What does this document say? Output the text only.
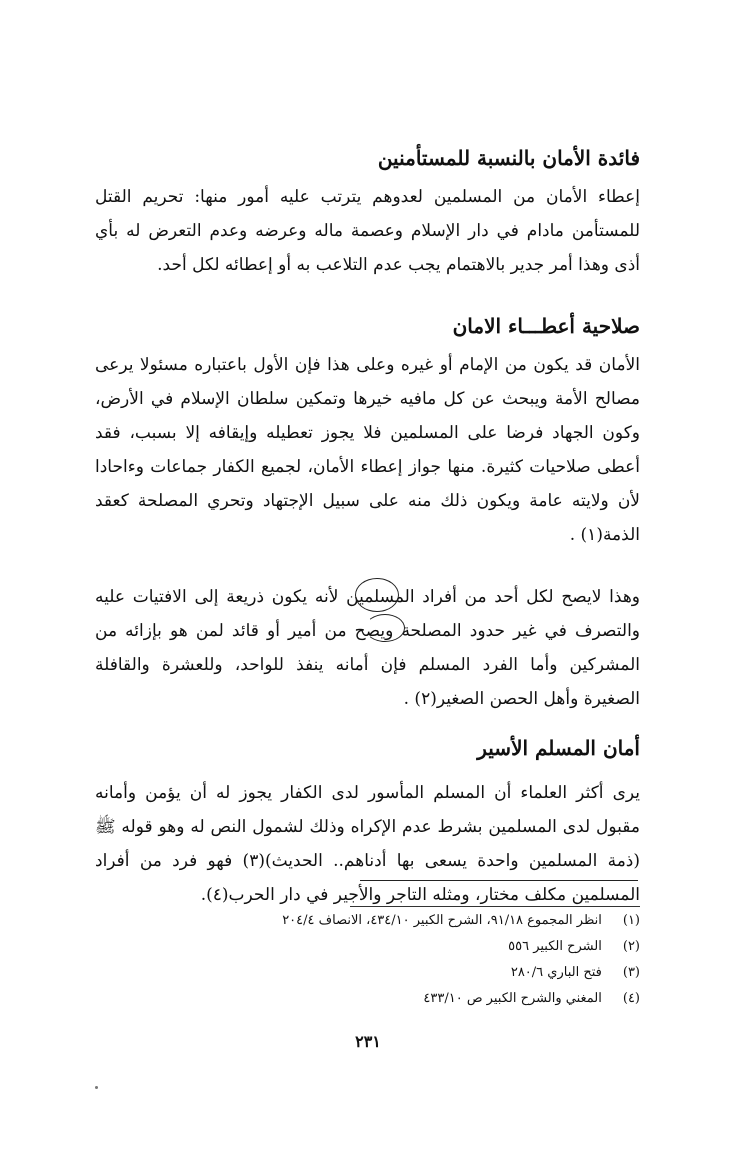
فائدة الأمان بالنسبة للمستأمنين

إعطاء الأمان من المسلمين لعدوهم يترتب عليه أمور منها: تحريم القتل للمستأمن مادام في دار الإسلام وعصمة ماله وعرضه وعدم التعرض له بأي أذى وهذا أمر جدير بالاهتمام يجب عدم التلاعب به أو إعطائه لكل أحد.

صلاحية أعطـــاء الامان

الأمان قد يكون من الإمام أو غيره وعلى هذا فإن الأول باعتباره مسئولا يرعى مصالح الأمة ويبحث عن كل مافيه خيرها وتمكين سلطان الإسلام في الأرض، وكون الجهاد فرضا على المسلمين فلا يجوز تعطيله وإيقافه إلا بسبب، فقد أعطى صلاحيات كثيرة. منها جواز إعطاء الأمان، لجميع الكفار جماعات وءاحادا لأن ولايته عامة ويكون ذلك منه على سبيل الإجتهاد وتحري المصلحة كعقد الذمة(١) .

وهذا لايصح لكل أحد من أفراد المسلمين لأنه يكون ذريعة إلى الافتيات عليه والتصرف في غير حدود المصلحة ويصح من أمير أو قائد لمن هو بإزائه من المشركين وأما الفرد المسلم فإن أمانه ينفذ للواحد، وللعشرة والقافلة الصغيرة وأهل الحصن الصغير(٢) .

أمان المسلم الأسير

يرى أكثر العلماء أن المسلم المأسور لدى الكفار يجوز له أن يؤمن وأمانه مقبول لدى المسلمين بشرط عدم الإكراه وذلك لشمول النص له وهو قوله ﷺ (ذمة المسلمين واحدة يسعى بها أدناهم.. الحديث)(٣) فهو فرد من أفراد المسلمين مكلف مختار، ومثله التاجر والأجير في دار الحرب(٤).

(١) انظر المجموع ٩١/١٨، الشرح الكبير ٤٣٤/١٠، الانصاف ٢٠٤/٤
(٢) الشرح الكبير ٥٥٦
(٣) فتح الباري ٢٨٠/٦
(٤) المغني والشرح الكبير ص ٤٣٣/١٠
٢٣١
